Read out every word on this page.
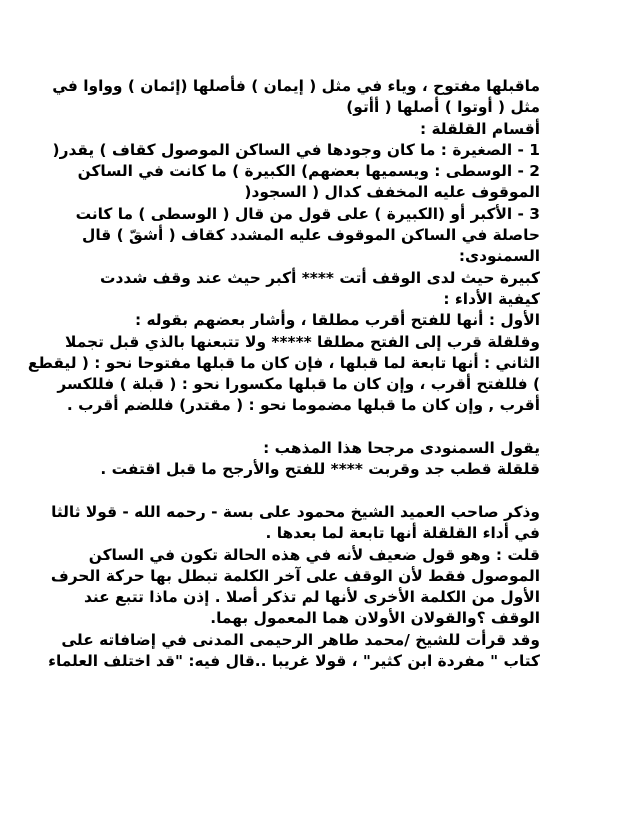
ماقبلها مفتوح ، وياء في مثل ( إيمان ) فأصلها (إئمان ) وواوا في
مثل ( أوتوا ) أصلها ( أأتو)
أقسام القلقلة :
1 - الصغيرة : ما كان وجودها في الساكن الموصول كقاف ) يقدر(
2 - الوسطى : ويسميها بعضهم) الكبيرة ) ما كانت في الساكن
الموقوف عليه المخفف كدال ( السجود(
3 - الأكبر أو (الكبيرة ) على قول من قال ( الوسطى ) ما كانت
حاصلة في الساكن الموقوف عليه المشدد كقاف ( أشقّ ) قال
السمنودى:
كبيرة حيث لدى الوقف أتت **** أكبر حيث عند وقف شددت
كيفية الأداء :
الأول : أنها للفتح أقرب مطلقا ، وأشار بعضهم بقوله :
وقلقلة قرب إلى الفتح مطلقا ***** ولا تتبعنها بالذي قبل تجملا
الثاني : أنها تابعة لما قبلها ، فإن كان ما قبلها مفتوحا نحو : ( ليقطع
) فللفتح أقرب ، وإن كان ما قبلها مكسورا نحو : ( قبلة ) فللكسر
أقرب , وإن كان ما قبلها مضموما نحو : ( مقتدر) فللضم أقرب .
يقول السمنودى مرجحا هذا المذهب :
قلقلة قطب جد وقربت **** للفتح والأرجح ما قبل اقتفت .
وذكر صاحب العميد الشيخ محمود على بسة - رحمه الله - قولا ثالثا
في أداء القلقلة أنها تابعة لما بعدها .
قلت : وهو قول ضعيف لأنه في هذه الحالة تكون في الساكن
الموصول فقط لأن الوقف على آخر الكلمة تبطل بها حركة الحرف
الأول من الكلمة الأخرى لأنها لم تذكر أصلا . إذن ماذا تتبع عند
الوقف ؟والقولان الأولان هما المعمول بهما.
وقد قرأت للشيخ /محمد طاهر الرحيمى المدنى في إضافاته على
كتاب " مفردة ابن كثير" ، قولا غريبا ..قال فيه: "قد اختلف العلماء
